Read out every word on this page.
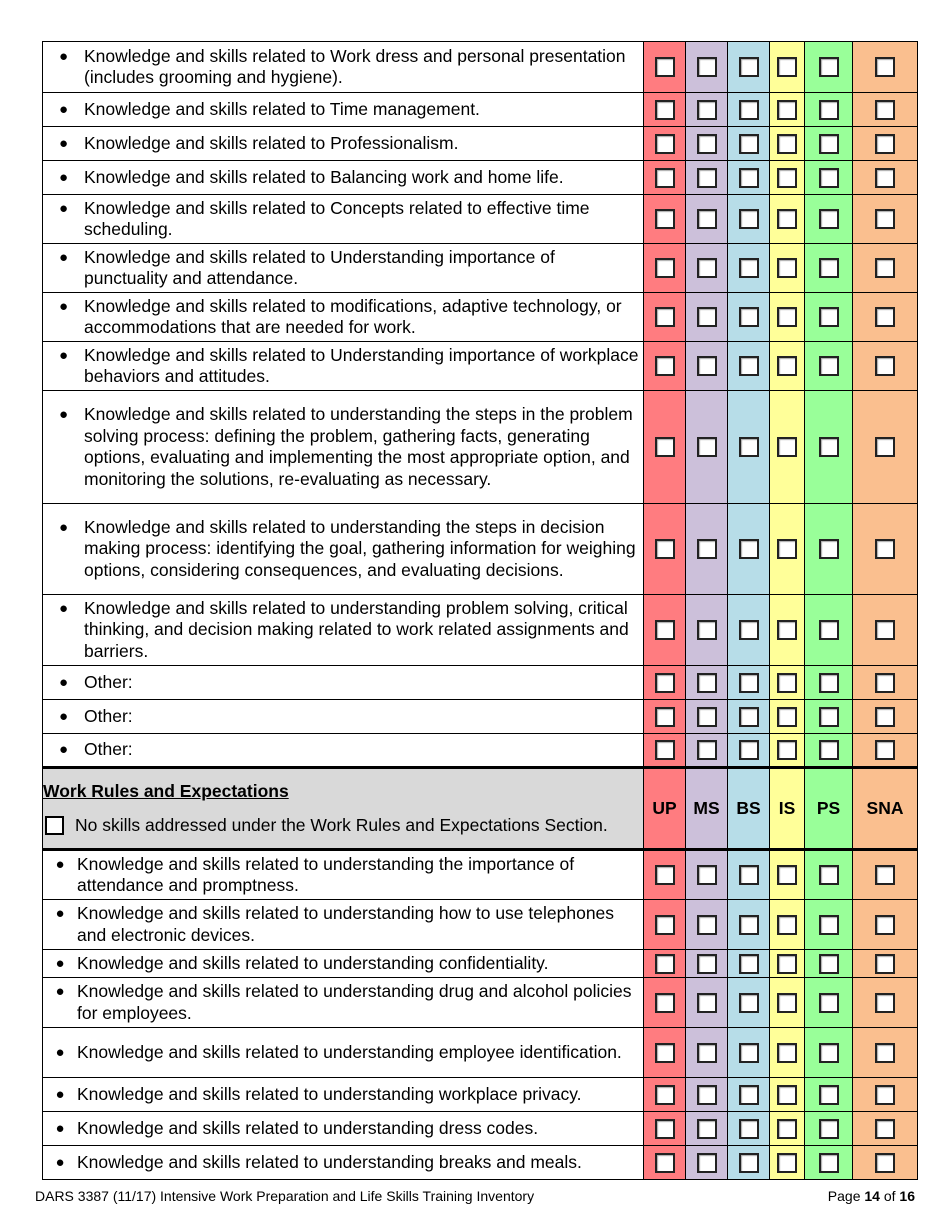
● Knowledge and skills related to Work dress and personal presentation (includes grooming and hygiene).						

● Knowledge and skills related to Time management.						

● Knowledge and skills related to Professionalism.						

● Knowledge and skills related to Balancing work and home life.						

● Knowledge and skills related to Concepts related to effective time scheduling.						

● Knowledge and skills related to Understanding importance of punctuality and attendance.						

● Knowledge and skills related to modifications, adaptive technology, or accommodations that are needed for work.						

● Knowledge and skills related to Understanding importance of workplace behaviors and attitudes.						

● Knowledge and skills related to understanding the steps in the problem solving process: defining the problem, gathering facts, generating options, evaluating and implementing the most appropriate option, and monitoring the solutions, re-evaluating as necessary.						

● Knowledge and skills related to understanding the steps in decision making process: identifying the goal, gathering information for weighing options, considering consequences, and evaluating decisions.						

● Knowledge and skills related to understanding problem solving, critical thinking, and decision making related to work related assignments and barriers.						

● Other:						

● Other:						

● Other:						

Work Rules and Expectations
No skills addressed under the Work Rules and Expectations Section.	UP	MS	BS	IS	PS	SNA

● Knowledge and skills related to understanding the importance of attendance and promptness.						

● Knowledge and skills related to understanding how to use telephones and electronic devices.						

● Knowledge and skills related to understanding confidentiality.						

● Knowledge and skills related to understanding drug and alcohol policies for employees.						

● Knowledge and skills related to understanding employee identification.						

● Knowledge and skills related to understanding workplace privacy.						

● Knowledge and skills related to understanding dress codes.						

● Knowledge and skills related to understanding breaks and meals.						

DARS 3387 (11/17) Intensive Work Preparation and Life Skills Training Inventory	Page 14 of 16
